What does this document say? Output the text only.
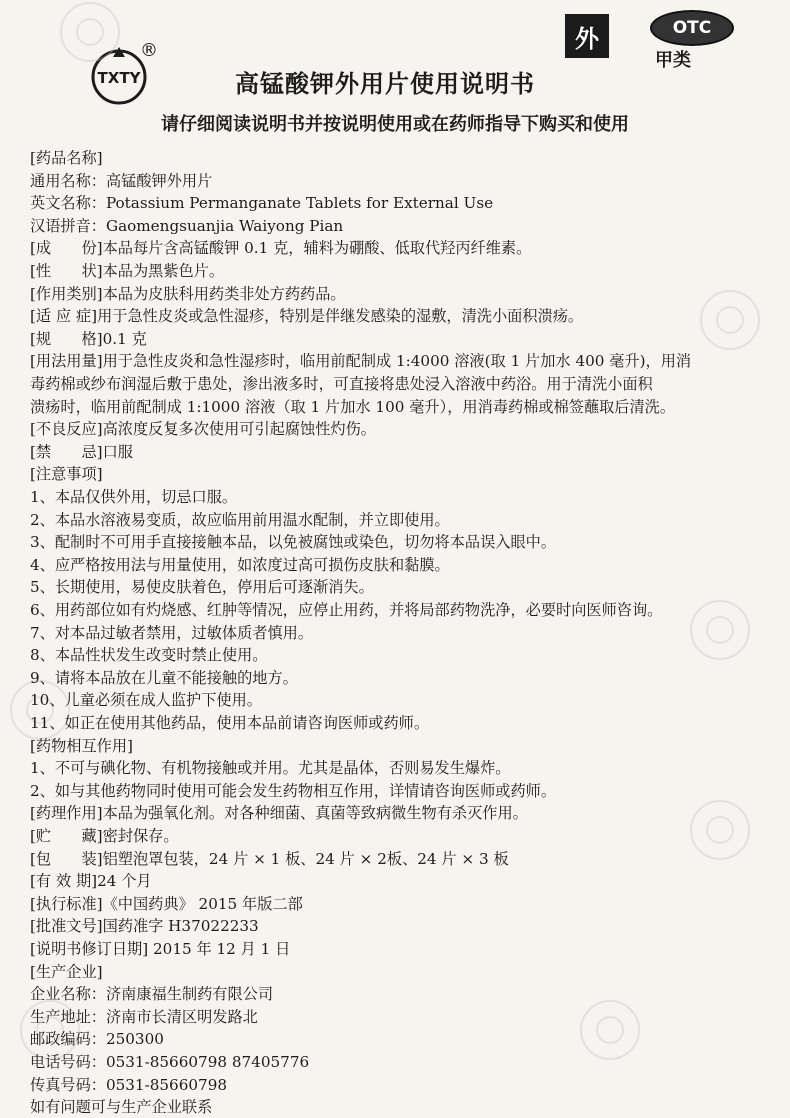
TXTY
®	外	OTC
甲类
高锰酸钾外用片使用说明书
请仔细阅读说明书并按说明使用或在药师指导下购买和使用
[药品名称]
通用名称：高锰酸钾外用片
英文名称：Potassium Permanganate Tablets for External Use
汉语拼音：Gaomengsuanjia Waiyong Pian
[成　　份]本品每片含高锰酸钾 0.1 克，辅料为硼酸、低取代羟丙纤维素。
[性　　状]本品为黑紫色片。
[作用类别]本品为皮肤科用药类非处方药药品。
[适 应 症]用于急性皮炎或急性湿疹，特别是伴继发感染的湿敷，清洗小面积溃疡。
[规　　格]0.1 克
[用法用量]用于急性皮炎和急性湿疹时，临用前配制成 1:4000 溶液(取 1 片加水 400 毫升)，用消
毒药棉或纱布润湿后敷于患处，渗出液多时，可直接将患处浸入溶液中药浴。用于清洗小面积
溃疡时，临用前配制成 1:1000 溶液（取 1 片加水 100 毫升），用消毒药棉或棉签蘸取后清洗。
[不良反应]高浓度反复多次使用可引起腐蚀性灼伤。
[禁　　忌]口服
[注意事项]
1、本品仅供外用，切忌口服。
2、本品水溶液易变质，故应临用前用温水配制，并立即使用。
3、配制时不可用手直接接触本品，以免被腐蚀或染色，切勿将本品误入眼中。
4、应严格按用法与用量使用，如浓度过高可损伤皮肤和黏膜。
5、长期使用，易使皮肤着色，停用后可逐渐消失。
6、用药部位如有灼烧感、红肿等情况，应停止用药，并将局部药物洗净，必要时向医师咨询。
7、对本品过敏者禁用，过敏体质者慎用。
8、本品性状发生改变时禁止使用。
9、请将本品放在儿童不能接触的地方。
10、儿童必须在成人监护下使用。
11、如正在使用其他药品，使用本品前请咨询医师或药师。
[药物相互作用]
1、不可与碘化物、有机物接触或并用。尤其是晶体，否则易发生爆炸。
2、如与其他药物同时使用可能会发生药物相互作用，详情请咨询医师或药师。
[药理作用]本品为强氧化剂。对各种细菌、真菌等致病微生物有杀灭作用。
[贮　　藏]密封保存。
[包　　装]铝塑泡罩包装，24 片 × 1 板、24 片 × 2板、24 片 × 3 板
[有 效 期]24 个月
[执行标准]《中国药典》 2015 年版二部
[批准文号]国药准字 H37022233
[说明书修订日期] 2015 年 12 月 1 日
[生产企业]
企业名称：济南康福生制药有限公司
生产地址：济南市长清区明发路北
邮政编码：250300
电话号码：0531-85660798 87405776
传真号码：0531-85660798
如有问题可与生产企业联系
